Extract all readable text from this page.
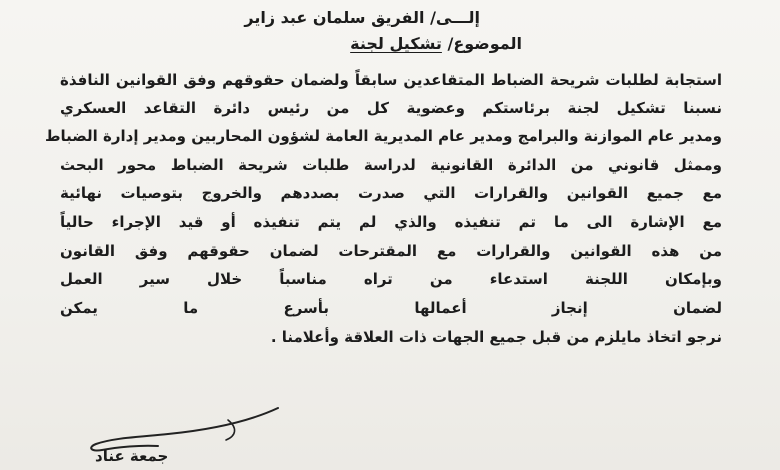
إلـــى/ الفريق سلمان عبد زاير
الموضوع/ تشكيل لجنة
استجابة لطلبات شريحة الضباط المتقاعدين سابقاً ولضمان حقوقهم وفق القوانين النافذة
نسبنا تشكيل لجنة برئاستكم وعضوية كل من رئيس دائرة التقاعد العسكري
ومدير عام الموازنة والبرامج ومدير عام المديرية العامة لشؤون المحاربين ومدير إدارة الضباط
وممثل قانوني من الدائرة القانونية لدراسة طلبات شريحة الضباط محور البحث
مع جميع القوانين والقرارات التي صدرت بصددهم والخروج بتوصيات نهائية
مع الإشارة الى ما تم تنفيذه والذي لم يتم تنفيذه أو قيد الإجراء حالياً
من هذه القوانين والقرارات مع المقترحات لضمان حقوقهم وفق القانون
وبإمكان اللجنة استدعاء من تراه مناسباً خلال سير العمل
لضمان إنجاز أعمالها بأسرع ما يمكن
نرجو اتخاذ مايلزم من قبل جميع الجهات ذات العلاقة وأعلامنا .
جمعة عناد
